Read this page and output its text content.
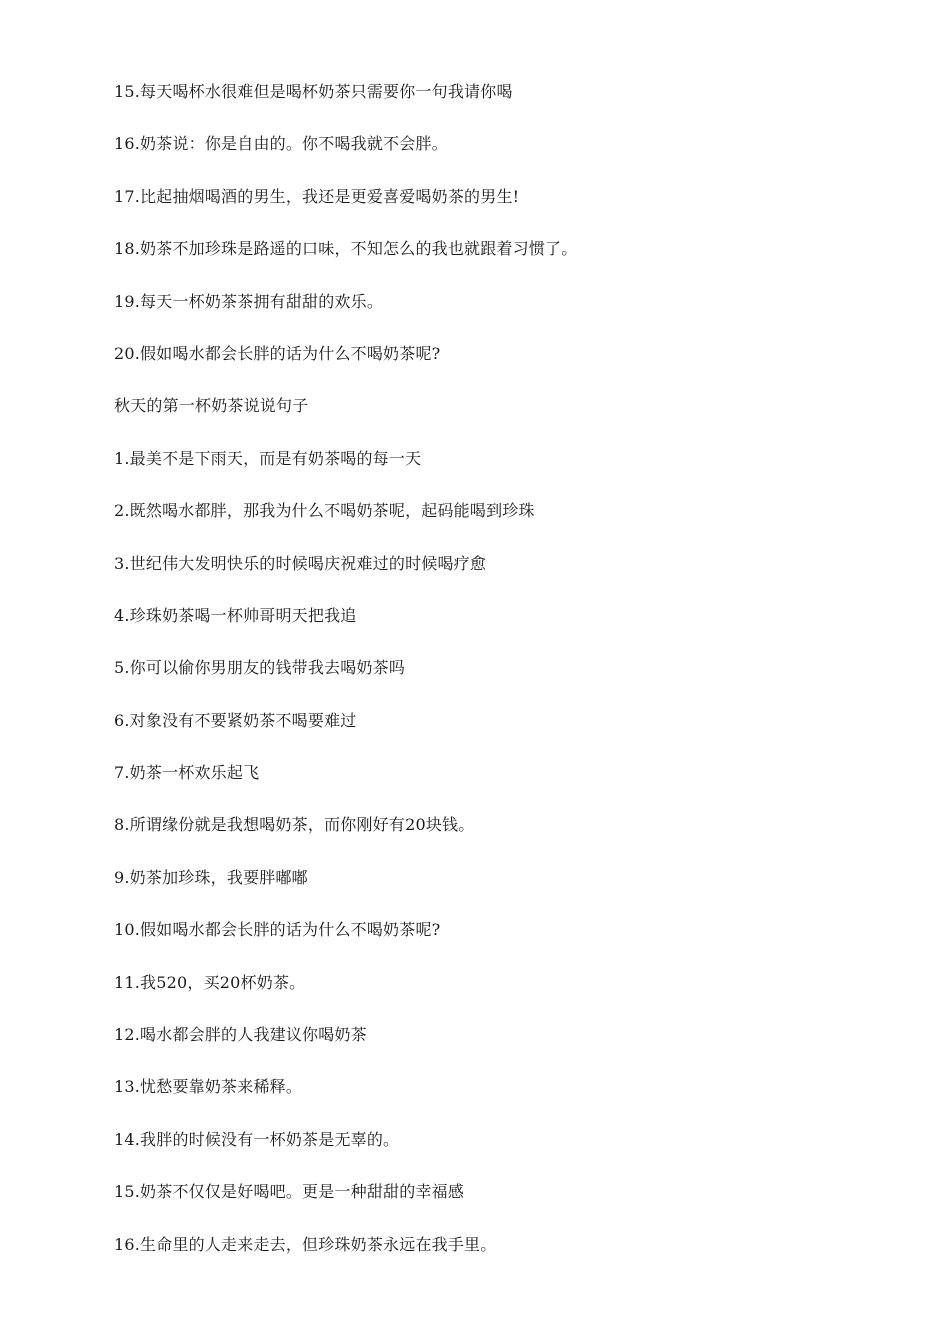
15.每天喝杯水很难但是喝杯奶茶只需要你一句我请你喝
16.奶茶说：你是自由的。你不喝我就不会胖。
17.比起抽烟喝酒的男生，我还是更爱喜爱喝奶茶的男生!
18.奶茶不加珍珠是路遥的口味，不知怎么的我也就跟着习惯了。
19.每天一杯奶茶茶拥有甜甜的欢乐。
20.假如喝水都会长胖的话为什么不喝奶茶呢?
秋天的第一杯奶茶说说句子
1.最美不是下雨天，而是有奶茶喝的每一天
2.既然喝水都胖，那我为什么不喝奶茶呢，起码能喝到珍珠
3.世纪伟大发明快乐的时候喝庆祝难过的时候喝疗愈
4.珍珠奶茶喝一杯帅哥明天把我追
5.你可以偷你男朋友的钱带我去喝奶茶吗
6.对象没有不要紧奶茶不喝要难过
7.奶茶一杯欢乐起飞
8.所谓缘份就是我想喝奶茶，而你刚好有20块钱。
9.奶茶加珍珠，我要胖嘟嘟
10.假如喝水都会长胖的话为什么不喝奶茶呢?
11.我520，买20杯奶茶。
12.喝水都会胖的人我建议你喝奶茶
13.忧愁要靠奶茶来稀释。
14.我胖的时候没有一杯奶茶是无辜的。
15.奶茶不仅仅是好喝吧。更是一种甜甜的幸福感
16.生命里的人走来走去，但珍珠奶茶永远在我手里。
